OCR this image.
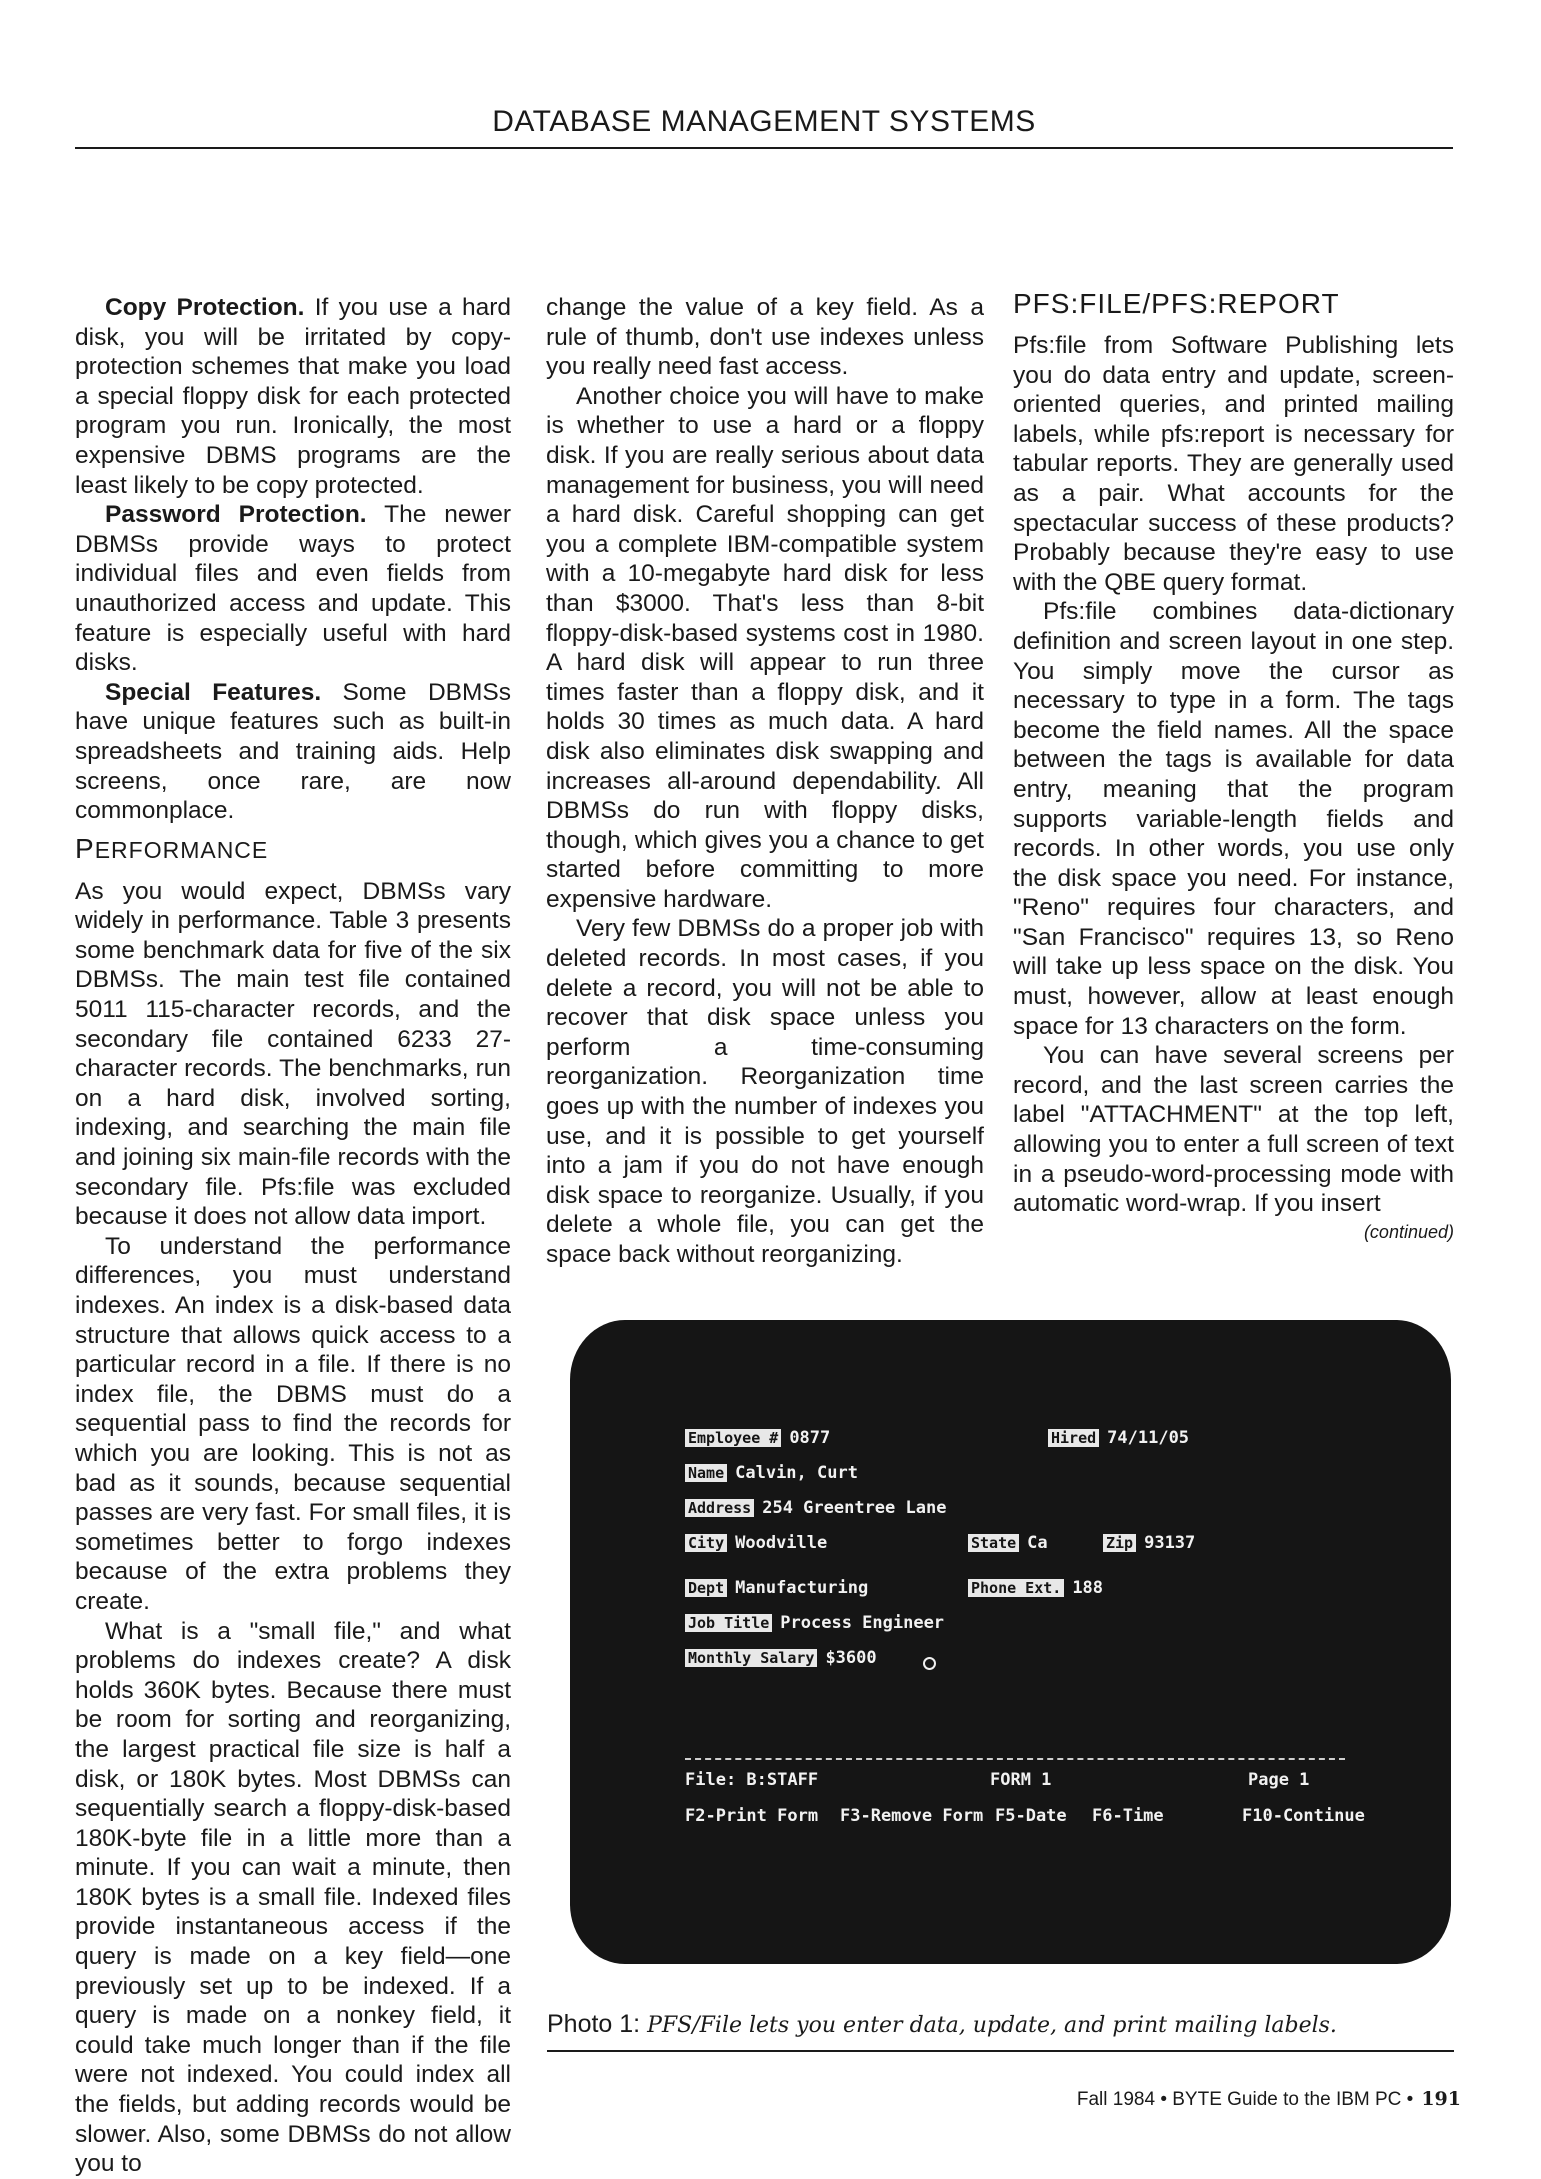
DATABASE MANAGEMENT SYSTEMS

Copy Protection. If you use a hard disk, you will be irritated by copy-protection schemes that make you load a special floppy disk for each protected program you run. Ironically, the most expensive DBMS programs are the least likely to be copy protected.

Password Protection. The newer DBMSs provide ways to protect individual files and even fields from unauthorized access and update. This feature is especially useful with hard disks.

Special Features. Some DBMSs have unique features such as built-in spreadsheets and training aids. Help screens, once rare, are now commonplace.

PERFORMANCE

As you would expect, DBMSs vary widely in performance. Table 3 presents some benchmark data for five of the six DBMSs. The main test file contained 5011 115-character records, and the secondary file contained 6233 27-character records. The benchmarks, run on a hard disk, involved sorting, indexing, and searching the main file and joining six main-file records with the secondary file. Pfs:file was excluded because it does not allow data import.

To understand the performance differences, you must understand indexes. An index is a disk-based data structure that allows quick access to a particular record in a file. If there is no index file, the DBMS must do a sequential pass to find the records for which you are looking. This is not as bad as it sounds, because sequential passes are very fast. For small files, it is sometimes better to forgo indexes because of the extra problems they create.

What is a "small file," and what problems do indexes create? A disk holds 360K bytes. Because there must be room for sorting and reorganizing, the largest practical file size is half a disk, or 180K bytes. Most DBMSs can sequentially search a floppy-disk-based 180K-byte file in a little more than a minute. If you can wait a minute, then 180K bytes is a small file. Indexed files provide instantaneous access if the query is made on a key field—one previously set up to be indexed. If a query is made on a nonkey field, it could take much longer than if the file were not indexed. You could index all the fields, but adding records would be slower. Also, some DBMSs do not allow you to

change the value of a key field. As a rule of thumb, don't use indexes unless you really need fast access.

Another choice you will have to make is whether to use a hard or a floppy disk. If you are really serious about data management for business, you will need a hard disk. Careful shopping can get you a complete IBM-compatible system with a 10-megabyte hard disk for less than $3000. That's less than 8-bit floppy-disk-based systems cost in 1980. A hard disk will appear to run three times faster than a floppy disk, and it holds 30 times as much data. A hard disk also eliminates disk swapping and increases all-around dependability. All DBMSs do run with floppy disks, though, which gives you a chance to get started before committing to more expensive hardware.

Very few DBMSs do a proper job with deleted records. In most cases, if you delete a record, you will not be able to recover that disk space unless you perform a time-consuming reorganization. Reorganization time goes up with the number of indexes you use, and it is possible to get yourself into a jam if you do not have enough disk space to reorganize. Usually, if you delete a whole file, you can get the space back without reorganizing.

PFS:FILE/PFS:REPORT

Pfs:file from Software Publishing lets you do data entry and update, screen-oriented queries, and printed mailing labels, while pfs:report is necessary for tabular reports. They are generally used as a pair. What accounts for the spectacular success of these products? Probably because they're easy to use with the QBE query format.

Pfs:file combines data-dictionary definition and screen layout in one step. You simply move the cursor as necessary to type in a form. The tags become the field names. All the space between the tags is available for data entry, meaning that the program supports variable-length fields and records. In other words, you use only the disk space you need. For instance, "Reno" requires four characters, and "San Francisco" requires 13, so Reno will take up less space on the disk. You must, however, allow at least enough space for 13 characters on the form.

You can have several screens per record, and the last screen carries the label "ATTACHMENT" at the top left, allowing you to enter a full screen of text in a pseudo-word-processing mode with automatic word-wrap. If you insert

(continued)
Employee # 0877	Hired 74/11/05
Name Calvin, Curt
Address 254 Greentree Lane
City Woodville	State Ca	Zip 93137
Dept Manufacturing	Phone Ext. 188
Job Title Process Engineer
Monthly Salary $3600
File: B:STAFF	FORM 1	Page 1
F2-Print Form F3-Remove Form F5-Date F6-Time	F10-Continue
Photo 1: PFS/File lets you enter data, update, and print mailing labels.
Fall 1984 • BYTE Guide to the IBM PC • 191
